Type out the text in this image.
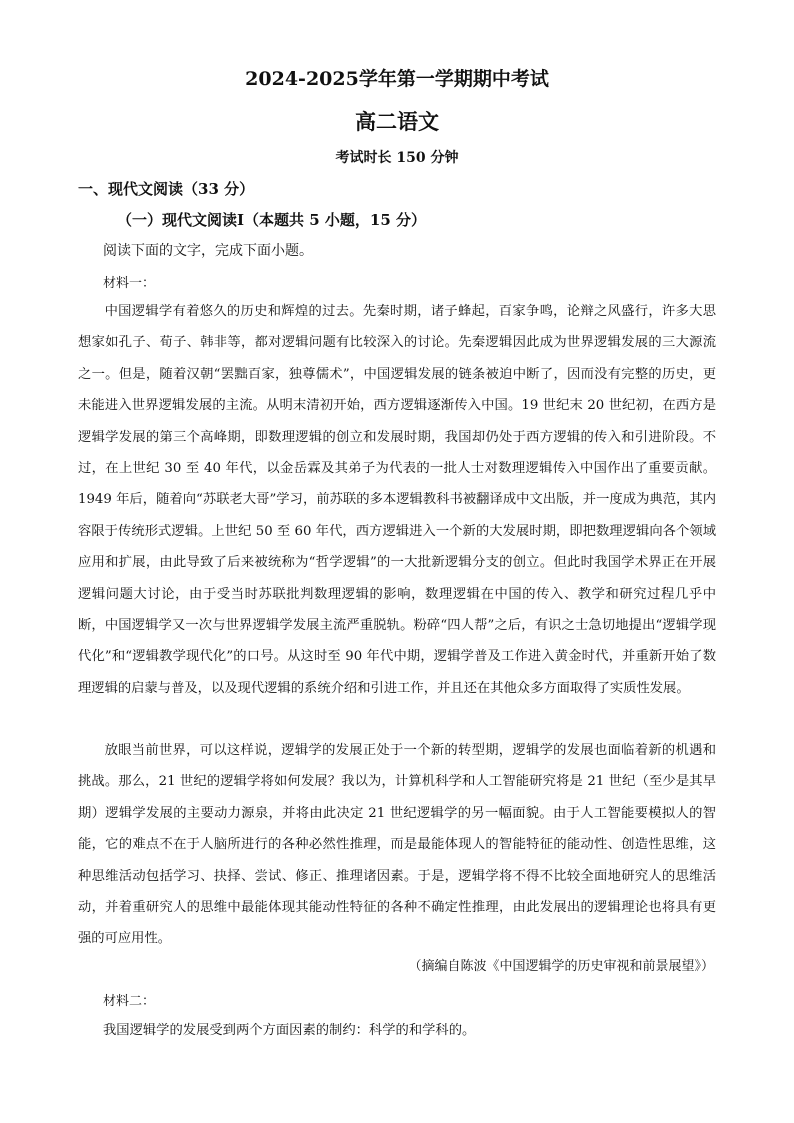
2024-2025学年第一学期期中考试
高二语文
考试时长 150 分钟
一、现代文阅读（33 分）
（一）现代文阅读Ⅰ（本题共 5 小题，15 分）
阅读下面的文字，完成下面小题。
材料一：

中国逻辑学有着悠久的历史和辉煌的过去。先秦时期，诸子蜂起，百家争鸣，论辩之风盛行，许多大思想家如孔子、荀子、韩非等，都对逻辑问题有比较深入的讨论。先秦逻辑因此成为世界逻辑发展的三大源流之一。但是，随着汉朝“罢黜百家，独尊儒术”，中国逻辑发展的链条被迫中断了，因而没有完整的历史，更未能进入世界逻辑发展的主流。从明末清初开始，西方逻辑逐渐传入中国。19 世纪末 20 世纪初，在西方是逻辑学发展的第三个高峰期，即数理逻辑的创立和发展时期，我国却仍处于西方逻辑的传入和引进阶段。不过，在上世纪 30 至 40 年代，以金岳霖及其弟子为代表的一批人士对数理逻辑传入中国作出了重要贡献。1949 年后，随着向“苏联老大哥”学习，前苏联的多本逻辑教科书被翻译成中文出版，并一度成为典范，其内容限于传统形式逻辑。上世纪 50 至 60 年代，西方逻辑进入一个新的大发展时期，即把数理逻辑向各个领域应用和扩展，由此导致了后来被统称为“哲学逻辑”的一大批新逻辑分支的创立。但此时我国学术界正在开展逻辑问题大讨论，由于受当时苏联批判数理逻辑的影响，数理逻辑在中国的传入、教学和研究过程几乎中断，中国逻辑学又一次与世界逻辑学发展主流严重脱轨。粉碎“四人帮”之后，有识之士急切地提出“逻辑学现代化”和“逻辑教学现代化”的口号。从这时至 90 年代中期，逻辑学普及工作进入黄金时代，并重新开始了数理逻辑的启蒙与普及，以及现代逻辑的系统介绍和引进工作，并且还在其他众多方面取得了实质性发展。

放眼当前世界，可以这样说，逻辑学的发展正处于一个新的转型期，逻辑学的发展也面临着新的机遇和挑战。那么，21 世纪的逻辑学将如何发展？我以为，计算机科学和人工智能研究将是 21 世纪（至少是其早期）逻辑学发展的主要动力源泉，并将由此决定 21 世纪逻辑学的另一幅面貌。由于人工智能要模拟人的智能，它的难点不在于人脑所进行的各种必然性推理，而是最能体现人的智能特征的能动性、创造性思维，这种思维活动包括学习、抉择、尝试、修正、推理诸因素。于是，逻辑学将不得不比较全面地研究人的思维活动，并着重研究人的思维中最能体现其能动性特征的各种不确定性推理，由此发展出的逻辑理论也将具有更强的可应用性。

（摘编自陈波《中国逻辑学的历史审视和前景展望》）
材料二：
我国逻辑学的发展受到两个方面因素的制约：科学的和学科的。
